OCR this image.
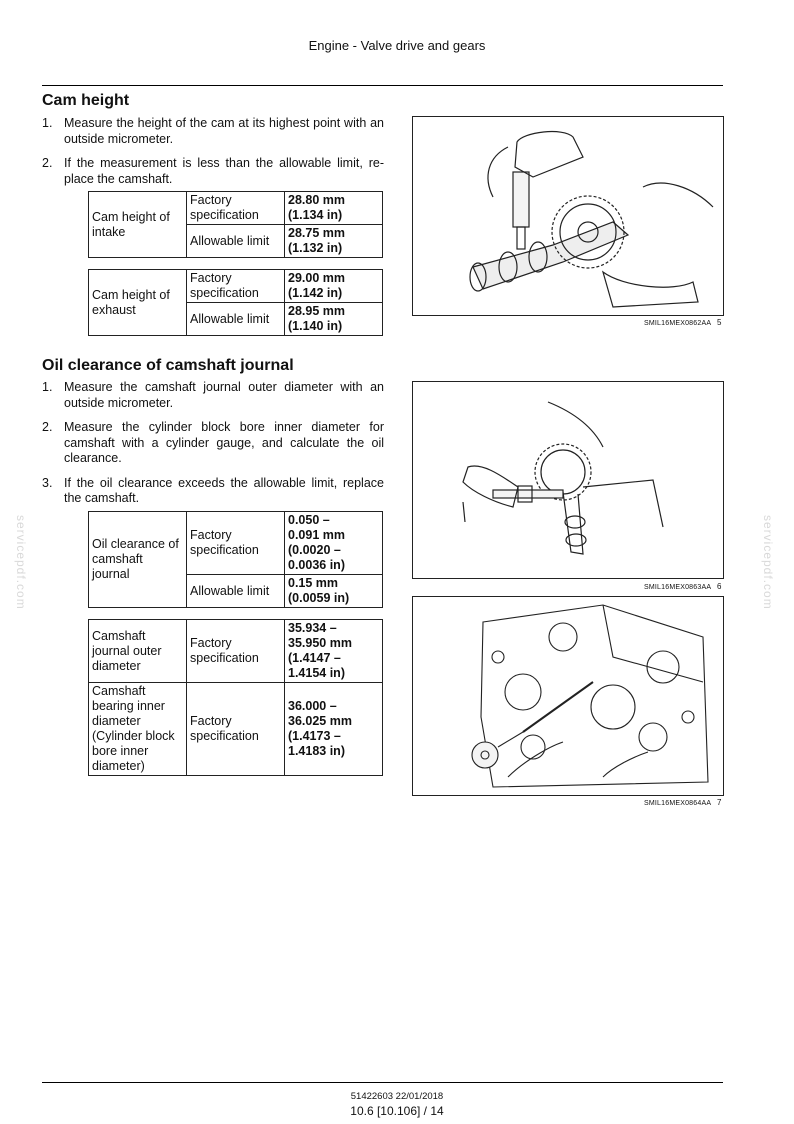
Engine - Valve drive and gears
Cam height
1. Measure the height of the cam at its highest point with an outside micrometer.
2. If the measurement is less than the allowable limit, re-place the camshaft.
Cam height of intake	Factory specification	28.80 mm
(1.134 in)
	Allowable limit	28.75 mm
(1.132 in)
Cam height of exhaust	Factory specification	29.00 mm
(1.142 in)
	Allowable limit	28.95 mm
(1.140 in)
Oil clearance of camshaft journal
1. Measure the camshaft journal outer diameter with an outside micrometer.
2. Measure the cylinder block bore inner diameter for camshaft with a cylinder gauge, and calculate the oil clearance.
3. If the oil clearance exceeds the allowable limit, replace the camshaft.
Oil clearance of camshaft journal	Factory specification	0.050 –
0.091 mm
(0.0020 –
0.0036 in)
	Allowable limit	0.15 mm
(0.0059 in)
Camshaft journal outer diameter	Factory specification	35.934 –
35.950 mm
(1.4147 –
1.4154 in)
Camshaft bearing inner diameter (Cylinder block bore inner diameter)	Factory specification	36.000 –
36.025 mm
(1.4173 –
1.4183 in)
SMIL16MEX0862AA 5
SMIL16MEX0863AA 6
SMIL16MEX0864AA 7
servicepdf.com	servicepdf.com
51422603 22/01/2018
10.6 [10.106] / 14
